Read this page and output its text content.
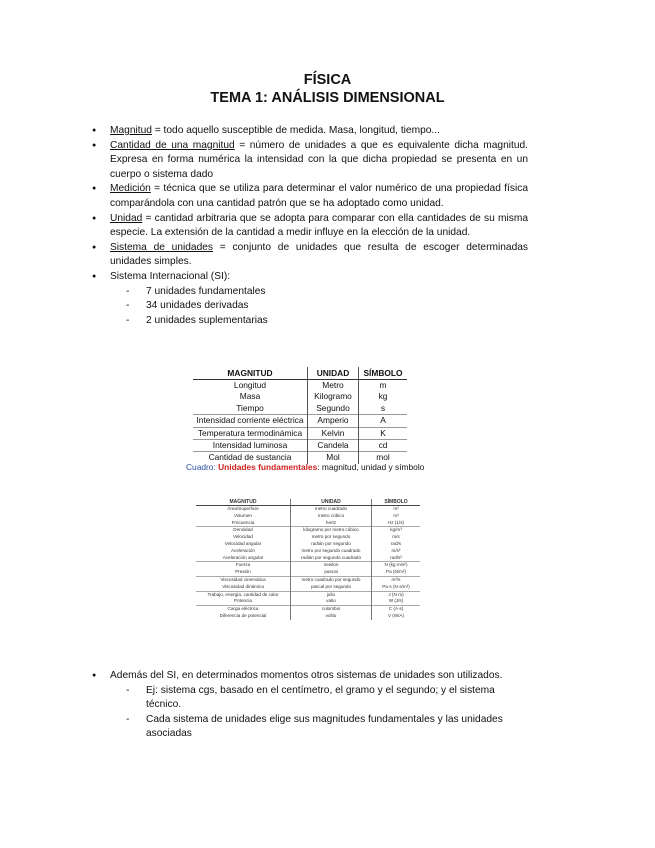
FÍSICA
TEMA 1: ANÁLISIS DIMENSIONAL

● Magnitud = todo aquello susceptible de medida. Masa, longitud, tiempo...

● Cantidad de una magnitud = número de unidades a que es equivalente dicha magnitud. Expresa en forma numérica la intensidad con la que dicha propiedad se presenta en un cuerpo o sistema dado

● Medición = técnica que se utiliza para determinar el valor numérico de una propiedad física comparándola con una cantidad patrón que se ha adoptado como unidad.

● Unidad = cantidad arbitraria que se adopta para comparar con ella cantidades de su misma especie. La extensión de la cantidad a medir influye en la elección de la unidad.

● Sistema de unidades = conjunto de unidades que resulta de escoger determinadas unidades simples.

● Sistema Internacional (SI):

- 7 unidades fundamentales

- 34 unidades derivadas

- 2 unidades suplementarias

MAGNITUD	UNIDAD	SÍMBOLO
Longitud	Metro	m
Masa	Kilogramo	kg
Tiempo	Segundo	s
Intensidad corriente eléctrica	Amperio	A
Temperatura termodinámica	Kelvin	K
Intensidad luminosa	Candela	cd
Cantidad de sustancia	Mol	mol
Cuadro: Unidades fundamentales: magnitud, unidad y símbolo
MAGNITUD	UNIDAD	SÍMBOLO
Área/Superficie	metro cuadrado	m²
Volumen	metro cúbico	m³
Frecuencia	hertz	Hz (1/s)
Densidad	kilogramo por metro cúbico	kg/m³
Velocidad	metro por segundo	m/s
Velocidad angular	radián por segundo	rad/s
Aceleración	metro por segundo cuadrado	m/s²
Aceleración angular	radián por segundo cuadrado	rad/s²
Fuerza	newton	N (kg·m/s²)
Presión	pascal	Pa (N/m²)
Viscosidad cinemática	metro cuadrado por segundo	m²/s
Viscosidad dinámica	pascal por segundo	Pa·s (N·s/m²)
Trabajo, energía, cantidad de calor	julio	J (N·m)
Potencia	vatio	W (J/s)
Carga eléctrica	culombio	C (A·s)
Diferencia de potencial	voltio	V (W/A)

● Además del SI, en determinados momentos otros sistemas de unidades son utilizados.

- Ej: sistema cgs, basado en el centímetro, el gramo y el segundo; y el sistema técnico.

- Cada sistema de unidades elige sus magnitudes fundamentales y las unidades asociadas
